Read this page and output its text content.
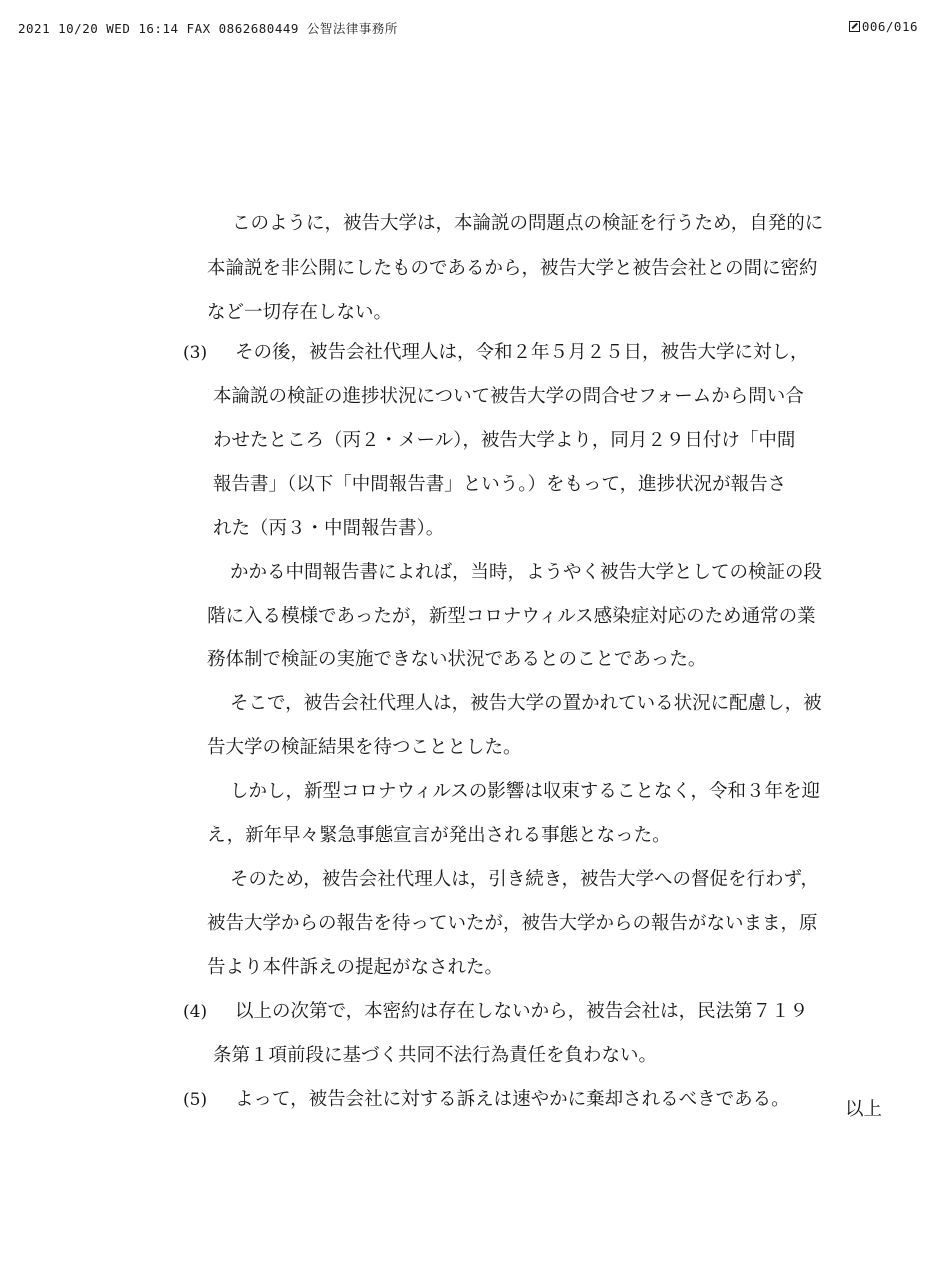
2021 10/20 WED 16:14 FAX 0862680449 公智法律事務所	006/016
このように，被告大学は，本論説の問題点の検証を行うため，自発的に
本論説を非公開にしたものであるから，被告大学と被告会社との間に密約
など一切存在しない。
(3) その後，被告会社代理人は，令和２年５月２５日，被告大学に対し，
本論説の検証の進捗状況について被告大学の問合せフォームから問い合
わせたところ（丙２・メール），被告大学より，同月２９日付け「中間
報告書」（以下「中間報告書」という。）をもって，進捗状況が報告さ
れた（丙３・中間報告書）。
かかる中間報告書によれば，当時，ようやく被告大学としての検証の段
階に入る模様であったが，新型コロナウィルス感染症対応のため通常の業
務体制で検証の実施できない状況であるとのことであった。
そこで，被告会社代理人は，被告大学の置かれている状況に配慮し，被
告大学の検証結果を待つこととした。
しかし，新型コロナウィルスの影響は収束することなく，令和３年を迎
え，新年早々緊急事態宣言が発出される事態となった。
そのため，被告会社代理人は，引き続き，被告大学への督促を行わず，
被告大学からの報告を待っていたが，被告大学からの報告がないまま，原
告より本件訴えの提起がなされた。
(4) 以上の次第で，本密約は存在しないから，被告会社は，民法第７１９
条第１項前段に基づく共同不法行為責任を負わない。
(5) よって，被告会社に対する訴えは速やかに棄却されるべきである。	以上
